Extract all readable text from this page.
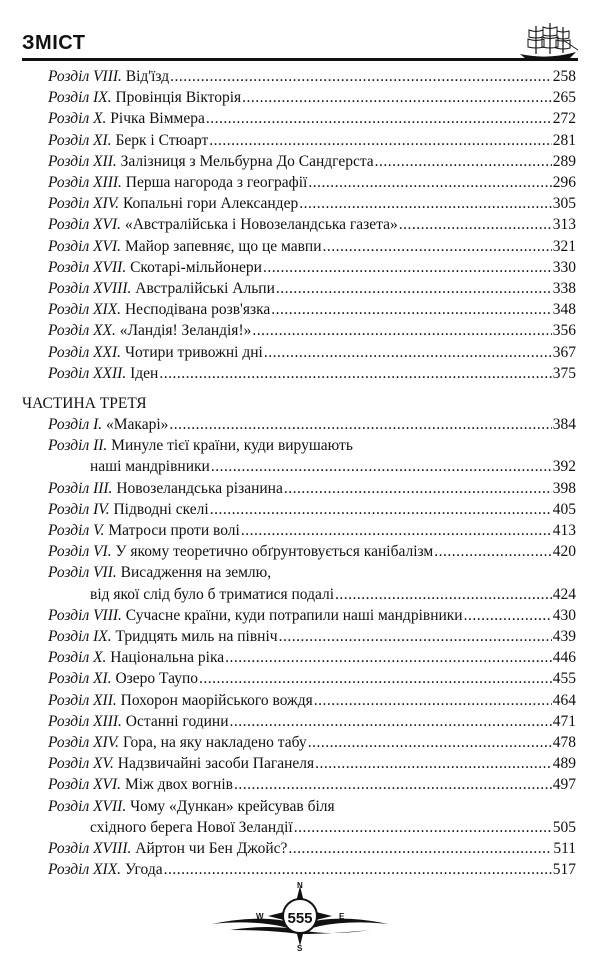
ЗМІСТ
Розділ VIII. Від'їзд .....	258
Розділ IX. Провінція Вікторія .....	265
Розділ X. Річка Віммера .....	272
Розділ XI. Берк і Стюарт .....	281
Розділ XII. Залізниця з Мельбурна До Сандгерста .....	289
Розділ XIII. Перша нагорода з географії .....	296
Розділ XIV. Копальні гори Александер .....	305
Розділ XVI. «Австралійська і Новозеландська газета» .....	313
Розділ XVI. Майор запевняє, що це мавпи .....	321
Розділ XVII. Скотарі-мільйонери .....	330
Розділ XVIII. Австралійські Альпи .....	338
Розділ XIX. Несподівана розв'язка .....	348
Розділ XX. «Ландія! Зеландія!» .....	356
Розділ XXI. Чотири тривожні дні .....	367
Розділ XXII. Іден .....	375
ЧАСТИНА ТРЕТЯ
Розділ I. «Макарі» .....	384
Розділ II. Минуле тієї країни, куди вирушають
наші мандрівники .....	392
Розділ III. Новозеландська різанина .....	398
Розділ IV. Підводні скелі .....	405
Розділ V. Матроси проти волі .....	413
Розділ VI. У якому теоретично обґрунтовується канібалізм .....	420
Розділ VII. Висадження на землю,
від якої слід було б триматися подалі .....	424
Розділ VIII. Сучасне країни, куди потрапили наші мандрівники .....	430
Розділ IX. Тридцять миль на північ .....	439
Розділ X. Національна ріка .....	446
Розділ XI. Озеро Таупо .....	455
Розділ XII. Похорон маорійського вождя .....	464
Розділ XIII. Останні години .....	471
Розділ XIV. Гора, на яку накладено табу .....	478
Розділ XV. Надзвичайні засоби Паганеля .....	489
Розділ XVI. Між двох вогнів .....	497
Розділ XVII. Чому «Дункан» крейсував біля
східного берега Нової Зеландії .....	505
Розділ XVIII. Айртон чи Бен Джойс? .....	511
Розділ XIX. Угода .....	517
N
S
W	E
555
